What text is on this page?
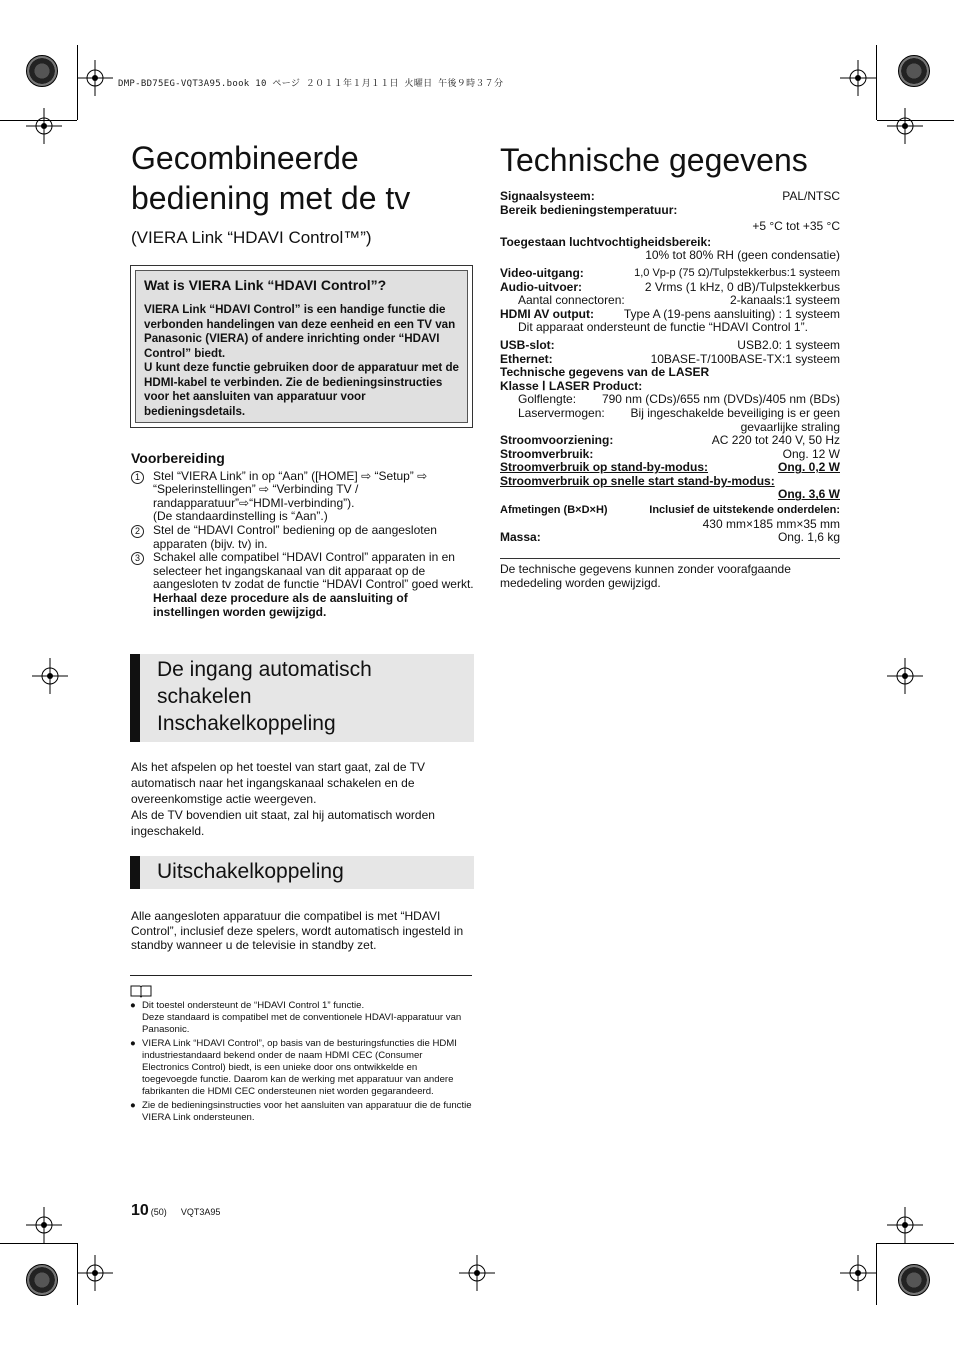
DMP-BD75EG-VQT3A95.book 10 ページ ２０１１年１月１１日 火曜日 午後９時３７分
Gecombineerde
bediening met de tv
(VIERA Link “HDAVI Control™”)
Wat is VIERA Link “HDAVI Control”?
VIERA Link “HDAVI Control” is een handige functie die verbonden handelingen van deze eenheid en een TV van Panasonic (VIERA) of andere inrichting onder “HDAVI Control” biedt.
U kunt deze functie gebruiken door de apparatuur met de HDMI-kabel te verbinden. Zie de bedieningsinstructies voor het aansluiten van apparatuur voor bedieningsdetails.
Voorbereiding
1	Stel “VIERA Link” in op “Aan” ([HOME] ⇨ “Setup” ⇨ “Spelerinstellingen” ⇨ “Verbinding TV / randapparatuur”⇨“HDMI-verbinding”).
(De standaardinstelling is “Aan”.)
2	Stel de “HDAVI Control” bediening op de aangesloten apparaten (bijv. tv) in.
3	Schakel alle compatibel “HDAVI Control” apparaten in en selecteer het ingangskanaal van dit apparaat op de aangesloten tv zodat de functie “HDAVI Control” goed werkt.
Herhaal deze procedure als de aansluiting of instellingen worden gewijzigd.
De ingang automatisch
schakelen
Inschakelkoppeling
Als het afspelen op het toestel van start gaat, zal de TV automatisch naar het ingangskanaal schakelen en de overeenkomstige actie weergeven.
Als de TV bovendien uit staat, zal hij automatisch worden ingeschakeld.
Uitschakelkoppeling
Alle aangesloten apparatuur die compatibel is met “HDAVI Control”, inclusief deze spelers, wordt automatisch ingesteld in standby wanneer u de televisie in standby zet.
● Dit toestel ondersteunt de “HDAVI Control 1” functie.
Deze standaard is compatibel met de conventionele HDAVI-apparatuur van Panasonic.
● VIERA Link “HDAVI Control”, op basis van de besturingsfuncties die HDMI industriestandaard bekend onder de naam HDMI CEC (Consumer Electronics Control) biedt, is een unieke door ons ontwikkelde en toegevoegde functie. Daarom kan de werking met apparatuur van andere fabrikanten die HDMI CEC ondersteunen niet worden gegarandeerd.
● Zie de bedieningsinstructies voor het aansluiten van apparatuur die de functie VIERA Link ondersteunen.
10 (50) VQT3A95
Technische gegevens
Signaalsysteem:	PAL/NTSC
Bereik bedieningstemperatuur:
+5 °C tot +35 °C
Toegestaan luchtvochtigheidsbereik:
10% tot 80% RH (geen condensatie)
Video-uitgang:	1,0 Vp-p (75 Ω)/Tulpstekkerbus:1 systeem
Audio-uitvoer:	2 Vrms (1 kHz, 0 dB)/Tulpstekkerbus
Aantal connectoren:	2-kanaals:1 systeem
HDMI AV output: Type A (19-pens aansluiting) : 1 systeem
Dit apparaat ondersteunt de functie “HDAVI Control 1”.
USB-slot:	USB2.0: 1 systeem
Ethernet:	10BASE-T/100BASE-TX:1 systeem
Technische gegevens van de LASER
Klasse Ⅰ LASER Product:
Golflengte: 790 nm (CDs)/655 nm (DVDs)/405 nm (BDs)
Laservermogen: Bij ingeschakelde beveiliging is er geen
gevaarlijke straling
Stroomvoorziening:	AC 220 tot 240 V, 50 Hz
Stroomverbruik:	Ong. 12 W
Stroomverbruik op stand-by-modus:	Ong. 0,2 W
Stroomverbruik op snelle start stand-by-modus:
Ong. 3,6 W
Afmetingen (B×D×H)	Inclusief de uitstekende onderdelen:
430 mm×185 mm×35 mm
Massa:	Ong. 1,6 kg
De technische gegevens kunnen zonder voorafgaande mededeling worden gewijzigd.
